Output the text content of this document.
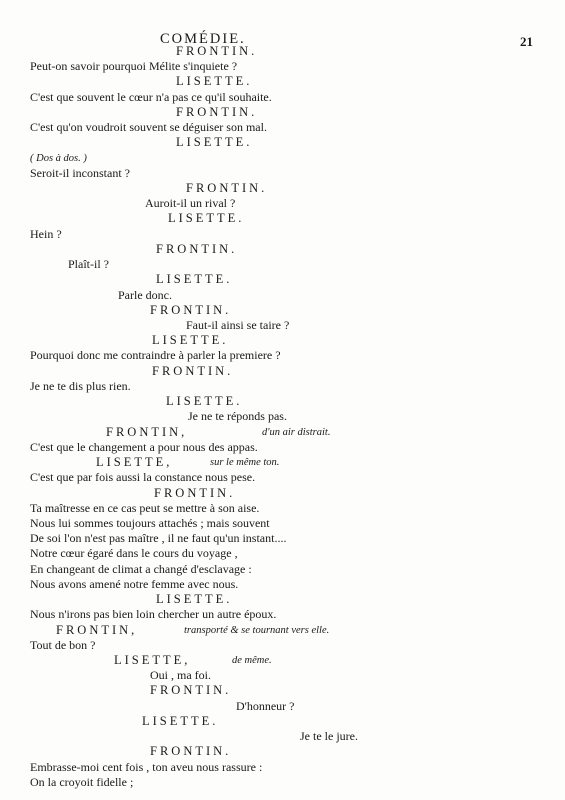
COMÉDIE.	21
FRONTIN.
Peut-on savoir pourquoi Mélite s'inquiete ?
LISETTE.
C'est que souvent le cœur n'a pas ce qu'il souhaite.
FRONTIN.
C'est qu'on voudroit souvent se déguiser son mal.
LISETTE.
( Dos à dos. )
Seroit-il inconstant ?
FRONTIN.
Auroit-il un rival ?
LISETTE.
Hein ?
FRONTIN.
Plaît-il ?
LISETTE.
Parle donc.
FRONTIN.
Faut-il ainsi se taire ?
LISETTE.
Pourquoi donc me contraindre à parler la premiere ?
FRONTIN.
Je ne te dis plus rien.
LISETTE.
Je ne te réponds pas.
FRONTIN,	d'un air distrait.
C'est que le changement a pour nous des appas.
LISETTE,	sur le même ton.
C'est que par fois aussi la constance nous pese.
FRONTIN.
Ta maîtresse en ce cas peut se mettre à son aise.
Nous lui sommes toujours attachés ; mais souvent
De soi l'on n'est pas maître , il ne faut qu'un instant....
Notre cœur égaré dans le cours du voyage ,
En changeant de climat a changé d'esclavage :
Nous avons amené notre femme avec nous.
LISETTE.
Nous n'irons pas bien loin chercher un autre époux.
FRONTIN,	transporté & se tournant vers elle.
Tout de bon ?
LISETTE,	de même.
Oui , ma foi.
FRONTIN.
D'honneur ?
LISETTE.
Je te le jure.
FRONTIN.
Embrasse-moi cent fois , ton aveu nous rassure :
On la croyoit fidelle ;
